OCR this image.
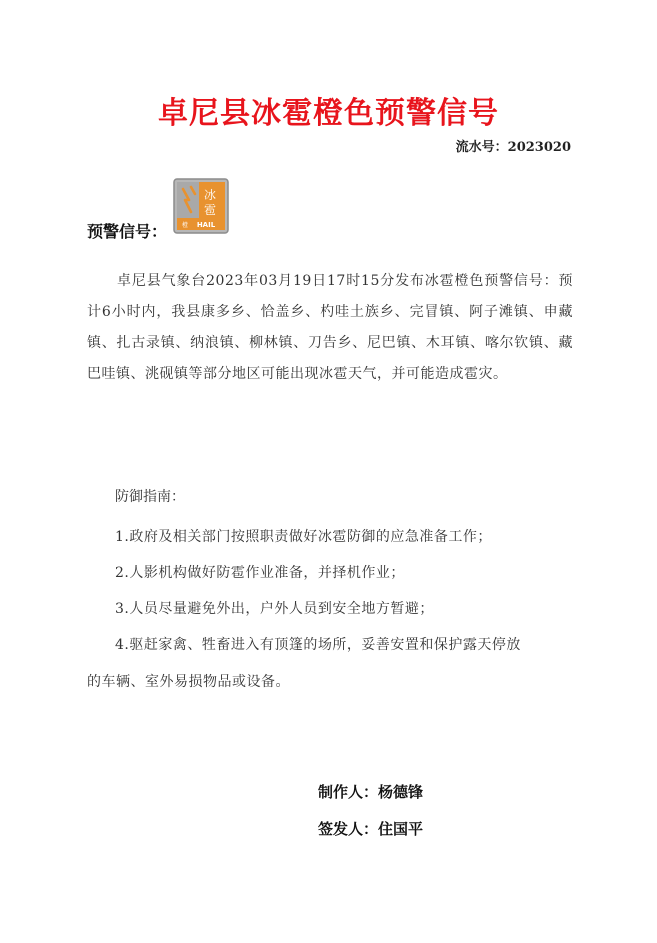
卓尼县冰雹橙色预警信号
流水号：2023020
预警信号：
冰
雹
HAIL
橙
卓尼县气象台2023年03月19日17时15分发布冰雹橙色预警信号：预计6小时内，我县康多乡、恰盖乡、杓哇土族乡、完冒镇、阿子滩镇、申藏镇、扎古录镇、纳浪镇、柳林镇、刀告乡、尼巴镇、木耳镇、喀尔钦镇、藏巴哇镇、洮砚镇等部分地区可能出现冰雹天气，并可能造成雹灾。
防御指南：
1.政府及相关部门按照职责做好冰雹防御的应急准备工作；
2.人影机构做好防雹作业准备，并择机作业；
3.人员尽量避免外出，户外人员到安全地方暂避；
4.驱赶家禽、牲畜进入有顶篷的场所，妥善安置和保护露天停放
的车辆、室外易损物品或设备。
制作人：杨德锋
签发人：住国平
